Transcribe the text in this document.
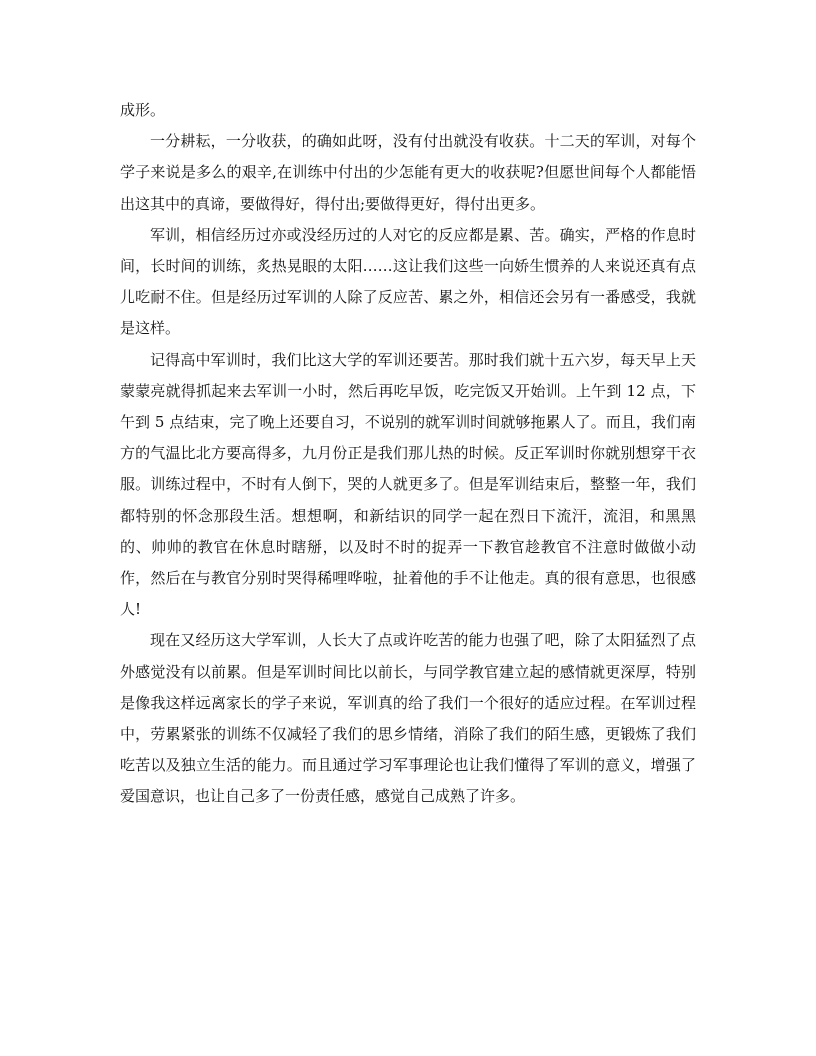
成形。

一分耕耘，一分收获，的确如此呀，没有付出就没有收获。十二天的军训，对每个学子来说是多么的艰辛,在训练中付出的少怎能有更大的收获呢?但愿世间每个人都能悟出这其中的真谛，要做得好，得付出;要做得更好，得付出更多。

军训，相信经历过亦或没经历过的人对它的反应都是累、苦。确实，严格的作息时间，长时间的训练，炙热晃眼的太阳……这让我们这些一向娇生惯养的人来说还真有点儿吃耐不住。但是经历过军训的人除了反应苦、累之外，相信还会另有一番感受，我就是这样。

记得高中军训时，我们比这大学的军训还要苦。那时我们就十五六岁，每天早上天蒙蒙亮就得抓起来去军训一小时，然后再吃早饭，吃完饭又开始训。上午到 12 点，下午到 5 点结束，完了晚上还要自习，不说别的就军训时间就够拖累人了。而且，我们南方的气温比北方要高得多，九月份正是我们那儿热的时候。反正军训时你就别想穿干衣服。训练过程中，不时有人倒下，哭的人就更多了。但是军训结束后，整整一年，我们都特别的怀念那段生活。想想啊，和新结识的同学一起在烈日下流汗，流泪，和黑黑的、帅帅的教官在休息时瞎掰，以及时不时的捉弄一下教官趁教官不注意时做做小动作，然后在与教官分别时哭得稀哩哗啦，扯着他的手不让他走。真的很有意思，也很感人!

现在又经历这大学军训，人长大了点或许吃苦的能力也强了吧，除了太阳猛烈了点外感觉没有以前累。但是军训时间比以前长，与同学教官建立起的感情就更深厚，特别是像我这样远离家长的学子来说，军训真的给了我们一个很好的适应过程。在军训过程中，劳累紧张的训练不仅减轻了我们的思乡情绪，消除了我们的陌生感，更锻炼了我们吃苦以及独立生活的能力。而且通过学习军事理论也让我们懂得了军训的意义，增强了爱国意识，也让自己多了一份责任感，感觉自己成熟了许多。
